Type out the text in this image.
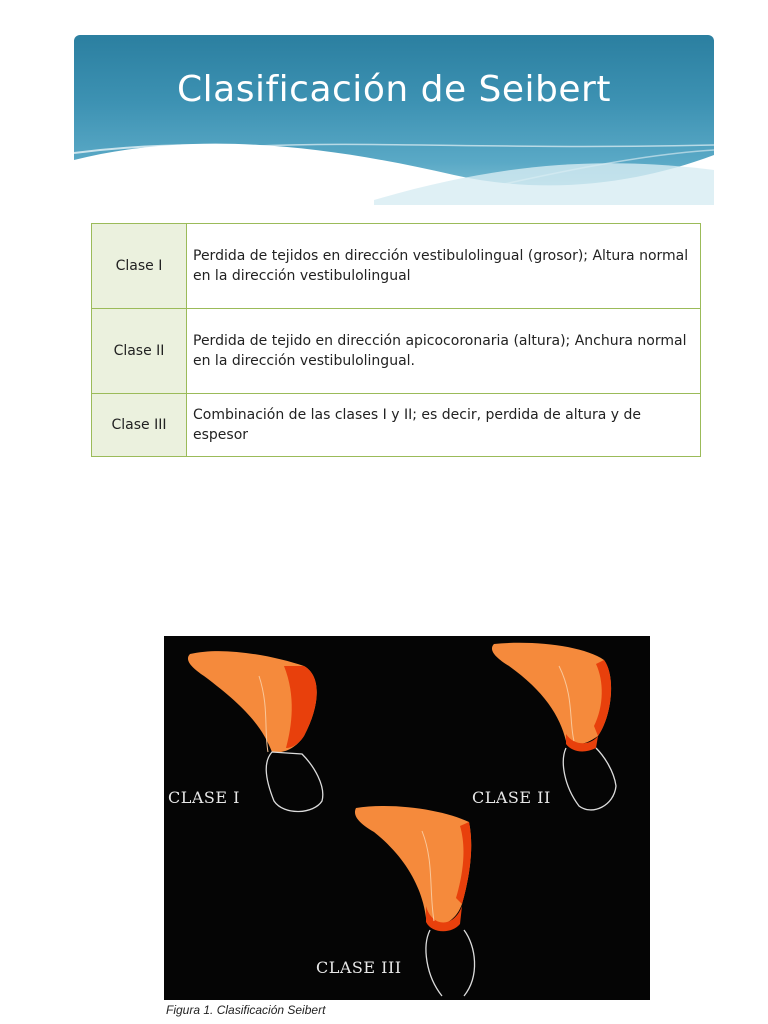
Clasificación de Seibert
Clase I	Perdida de tejidos en dirección vestibulolingual (grosor); Altura normal en la dirección vestibulolingual
Clase II	Perdida de tejido en dirección apicocoronaria (altura); Anchura normal en la dirección vestibulolingual.
Clase III	Combinación de las clases I y II; es decir, perdida de altura y de espesor
CLASE I	CLASE II
CLASE III
Figura 1. Clasificación Seibert
